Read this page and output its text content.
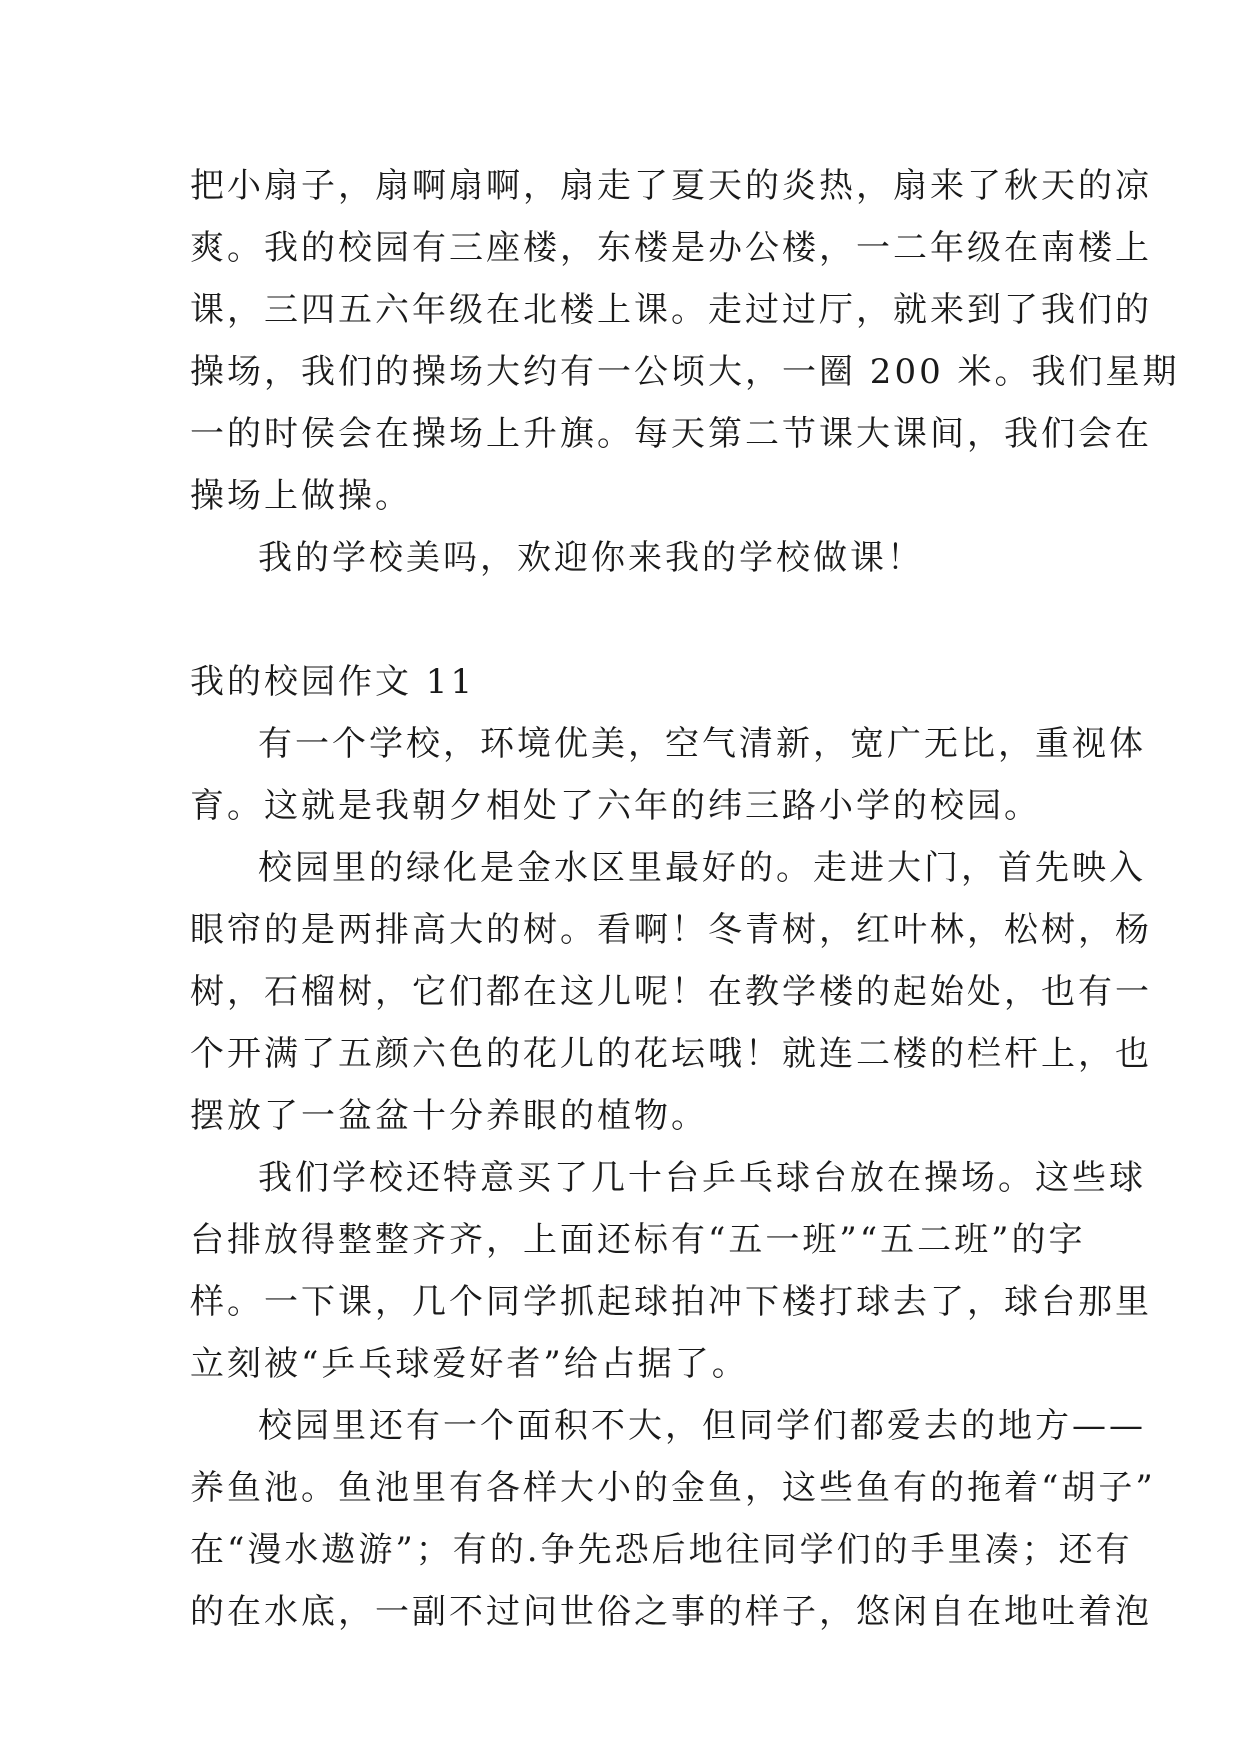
把小扇子，扇啊扇啊，扇走了夏天的炎热，扇来了秋天的凉
爽。我的校园有三座楼，东楼是办公楼，一二年级在南楼上
课，三四五六年级在北楼上课。走过过厅，就来到了我们的
操场，我们的操场大约有一公顷大，一圈 200 米。我们星期
一的时侯会在操场上升旗。每天第二节课大课间，我们会在
操场上做操。
我的学校美吗，欢迎你来我的学校做课！
我的校园作文 11
有一个学校，环境优美，空气清新，宽广无比，重视体
育。这就是我朝夕相处了六年的纬三路小学的校园。
校园里的绿化是金水区里最好的。走进大门，首先映入
眼帘的是两排高大的树。看啊！冬青树，红叶林，松树，杨
树，石榴树，它们都在这儿呢！在教学楼的起始处，也有一
个开满了五颜六色的花儿的花坛哦！就连二楼的栏杆上，也
摆放了一盆盆十分养眼的植物。
我们学校还特意买了几十台乒乓球台放在操场。这些球
台排放得整整齐齐，上面还标有“五一班”“五二班”的字
样。一下课，几个同学抓起球拍冲下楼打球去了，球台那里
立刻被“乒乓球爱好者”给占据了。
校园里还有一个面积不大，但同学们都爱去的地方——
养鱼池。鱼池里有各样大小的金鱼，这些鱼有的拖着“胡子”
在“漫水遨游”；有的.争先恐后地往同学们的手里凑；还有
的在水底，一副不过问世俗之事的样子，悠闲自在地吐着泡
